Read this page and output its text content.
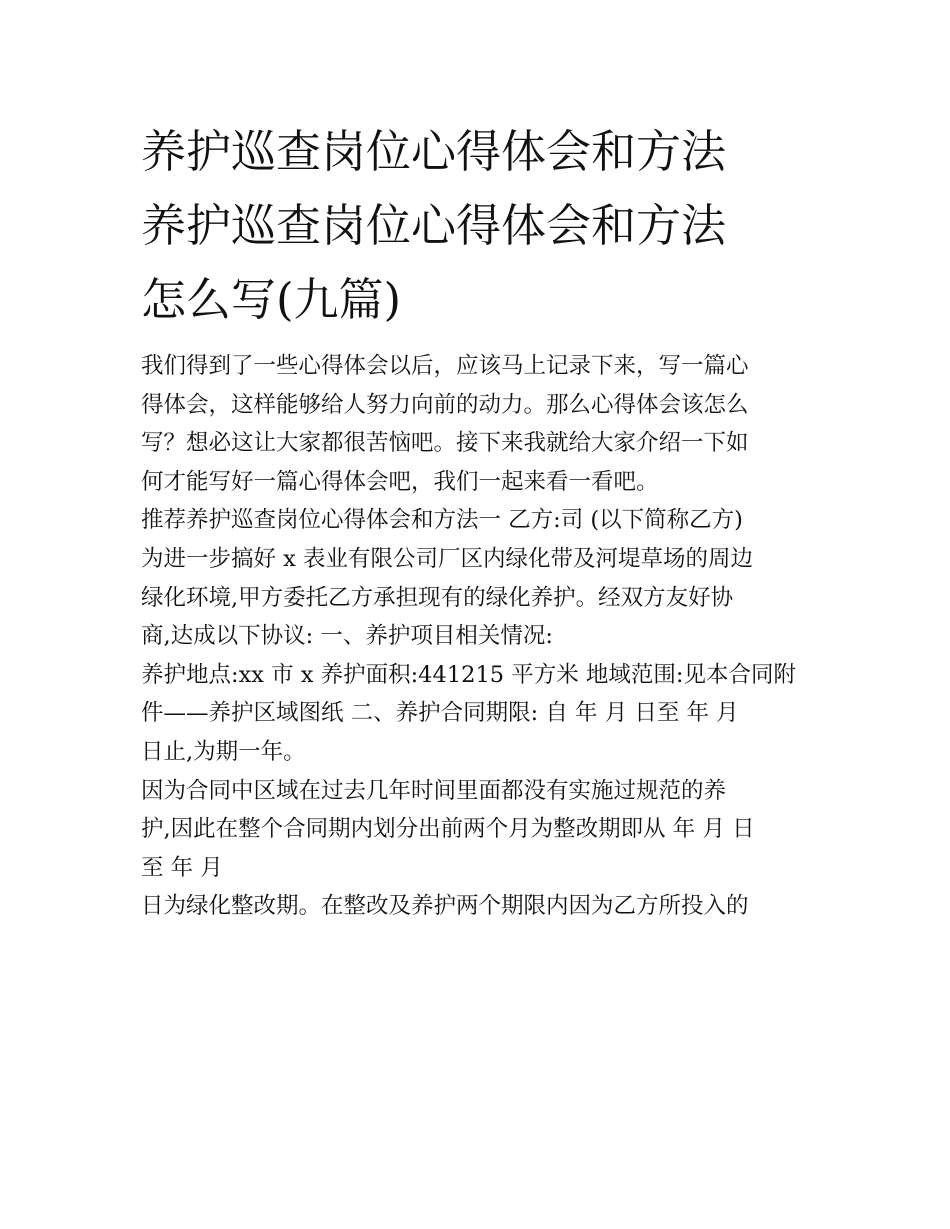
养护巡查岗位心得体会和方法
养护巡查岗位心得体会和方法
怎么写(九篇)

我们得到了一些心得体会以后，应该马上记录下来，写一篇心
得体会，这样能够给人努力向前的动力。那么心得体会该怎么
写？想必这让大家都很苦恼吧。接下来我就给大家介绍一下如
何才能写好一篇心得体会吧，我们一起来看一看吧。

推荐养护巡查岗位心得体会和方法一 乙方:司 (以下简称乙方)
为进一步搞好 x 表业有限公司厂区内绿化带及河堤草场的周边
绿化环境,甲方委托乙方承担现有的绿化养护。经双方友好协
商,达成以下协议: 一、养护项目相关情况:

养护地点:xx 市 x 养护面积:441215 平方米 地域范围:见本合同附
件——养护区域图纸 二、养护合同期限: 自 年 月 日至 年 月
日止,为期一年。

因为合同中区域在过去几年时间里面都没有实施过规范的养
护,因此在整个合同期内划分出前两个月为整改期即从 年 月 日
至 年 月

日为绿化整改期。在整改及养护两个期限内因为乙方所投入的
